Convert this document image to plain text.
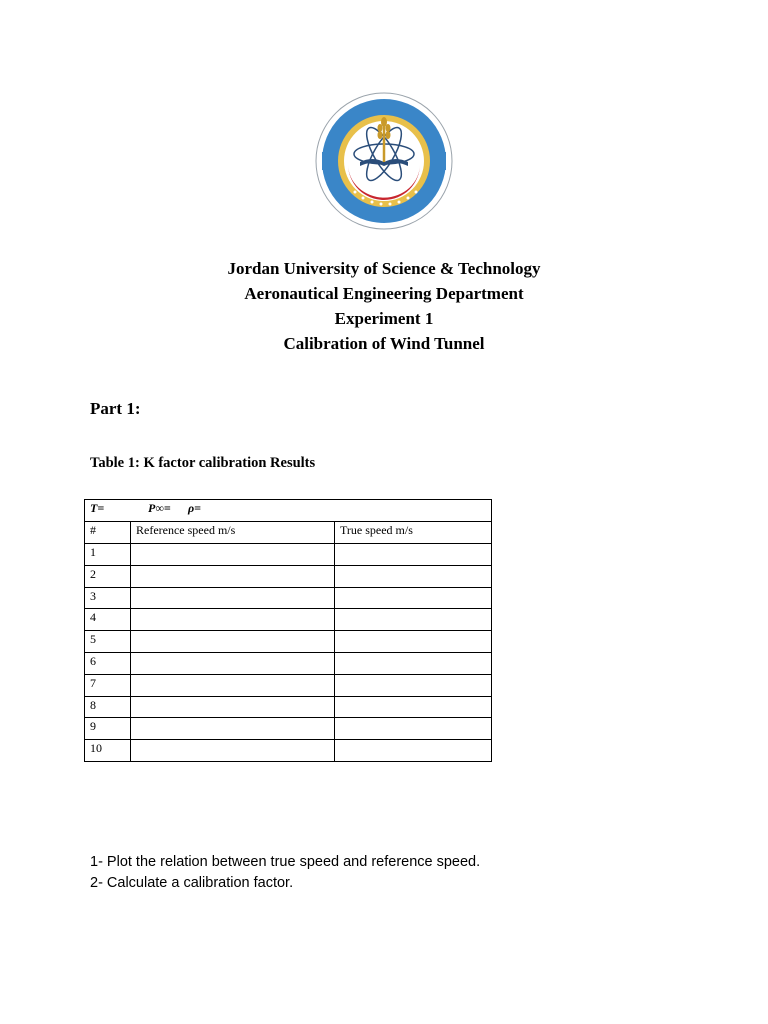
Jordan University of Science & Technology
Aeronautical Engineering Department
Experiment 1
Calibration of Wind Tunnel
Part 1:
Table 1: K factor calibration Results
T= P∞= ρ=		
#	Reference speed m/s	True speed m/s
1		
2		
3		
4		
5		
6		
7		
8		
9		
10		
1- Plot the relation between true speed and reference speed.
2- Calculate a calibration factor.
